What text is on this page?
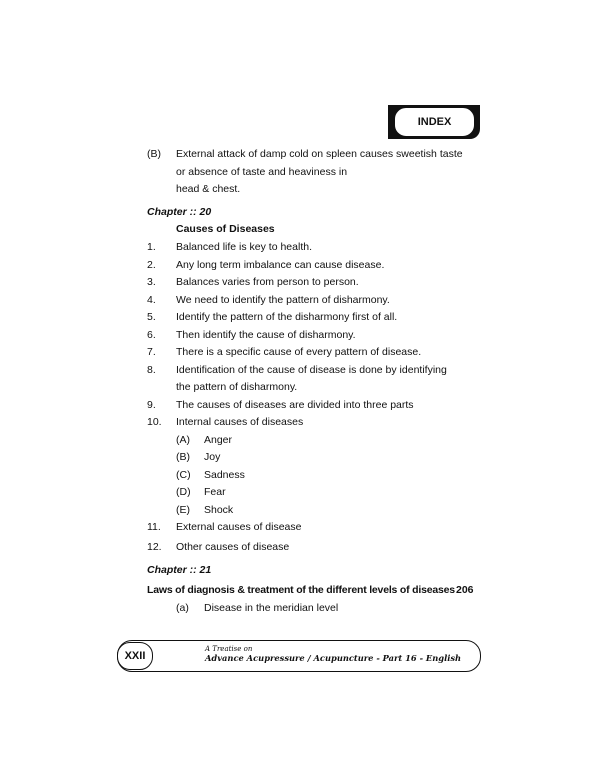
INDEX
(B) External attack of damp cold on spleen causes sweetish taste
or absence of taste and heaviness in
head & chest.
Chapter :: 20
Causes of Diseases
1. Balanced life is key to health.
2. Any long term imbalance can cause disease.
3. Balances varies from person to person.
4. We need to identify the pattern of disharmony.
5. Identify the pattern of the disharmony first of all.
6. Then identify the cause of disharmony.
7. There is a specific cause of every pattern of disease.
8. Identification of the cause of disease is done by identifying
the pattern of disharmony.
9. The causes of diseases are divided into three parts
10. Internal causes of diseases
(A) Anger
(B) Joy
(C) Sadness
(D) Fear
(E) Shock
11. External causes of disease
12. Other causes of disease
Chapter :: 21
Laws of diagnosis & treatment of the different levels of diseases 206
(a) Disease in the meridian level
XXII
A Treatise on
Advance Acupressure / Acupuncture - Part 16 - English
